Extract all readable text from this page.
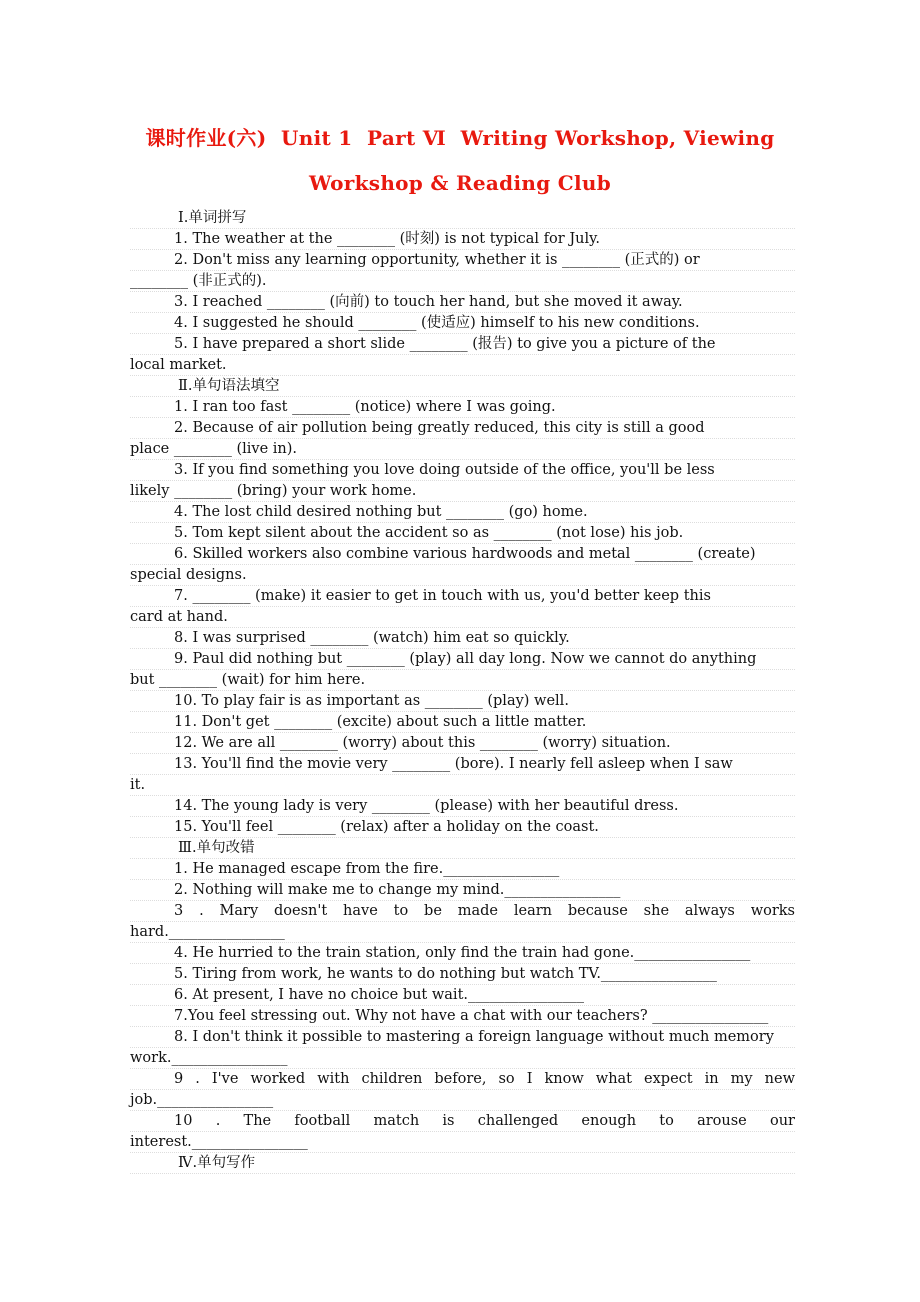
课时作业(六)  Unit 1  Part Ⅵ  Writing Workshop, Viewing
Workshop & Reading Club
Ⅰ.单词拼写
1. The weather at the ________ (时刻) is not typical for July.
2. Don't miss any learning opportunity, whether it is ________ (正式的) or
________ (非正式的).
3. I reached ________ (向前) to touch her hand, but she moved it away.
4. I suggested he should ________ (使适应) himself to his new conditions.
5. I have prepared a short slide ________ (报告) to give you a picture of the
local market.
Ⅱ.单句语法填空
1. I ran too fast ________ (notice) where I was going.
2. Because of air pollution being greatly reduced, this city is still a good
place ________ (live in).
3. If you find something you love doing outside of the office, you'll be less
likely ________ (bring) your work home.
4. The lost child desired nothing but ________ (go) home.
5. Tom kept silent about the accident so as ________ (not lose) his job.
6. Skilled workers also combine various hardwoods and metal ________ (create)
special designs.
7. ________ (make) it easier to get in touch with us, you'd better keep this
card at hand.
8. I was surprised ________ (watch) him eat so quickly.
9. Paul did nothing but ________ (play) all day long. Now we cannot do anything
but ________ (wait) for him here.
10. To play fair is as important as ________ (play) well.
11. Don't get ________ (excite) about such a little matter.
12. We are all ________ (worry) about this ________ (worry) situation.
13. You'll find the movie very ________ (bore). I nearly fell asleep when I saw
it.
14. The young lady is very ________ (please) with her beautiful dress.
15. You'll feel ________ (relax) after a holiday on the coast.
Ⅲ.单句改错
1. He managed escape from the fire.________________
2. Nothing will make me to change my mind.________________
3 . Mary doesn't have to be made learn because she always works
hard.________________
4. He hurried to the train station, only find the train had gone.________________
5. Tiring from work, he wants to do nothing but watch TV.________________
6. At present, I have no choice but wait.________________
7.You feel stressing out. Why not have a chat with our teachers? ________________
8. I don't think it possible to mastering a foreign language without much memory
work.________________
9 . I've worked with children before, so I know what expect in my new
job.________________
10 . The football match is challenged enough to arouse our
interest.________________
Ⅳ.单句写作
